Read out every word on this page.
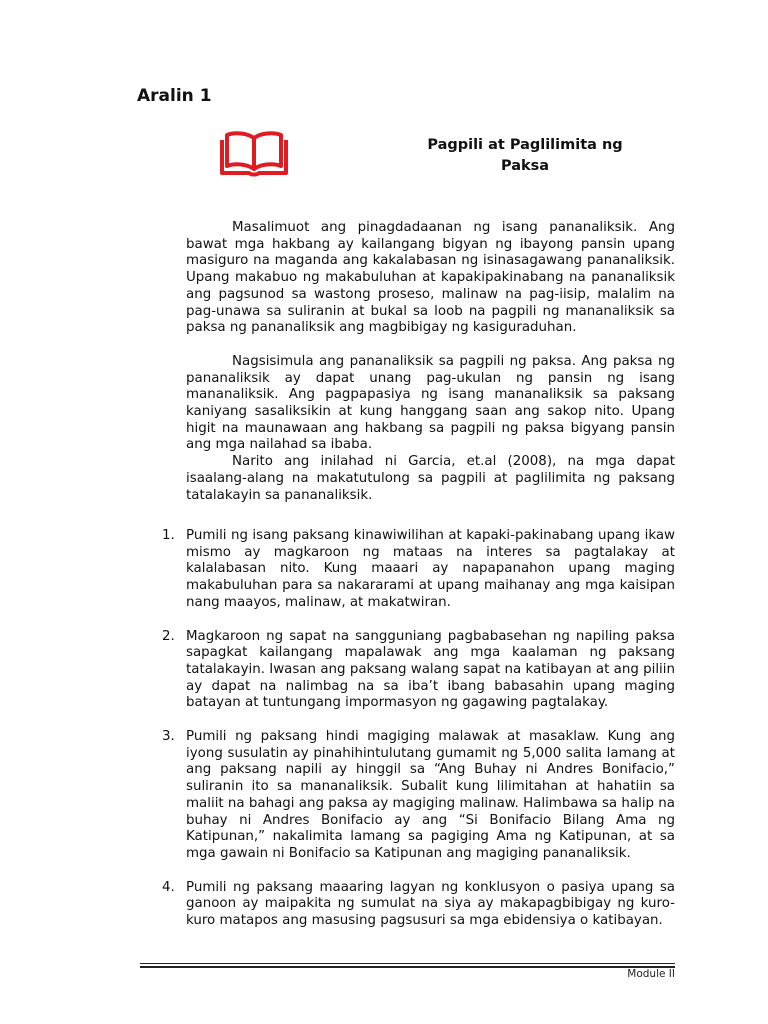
Aralin 1
Pagpili at Paglilimita ng
Paksa

Masalimuot ang pinagdadaanan ng isang pananaliksik. Ang bawat mga hakbang ay kailangang bigyan ng ibayong pansin upang masiguro na maganda ang kakalabasan ng isinasagawang pananaliksik. Upang makabuo ng makabuluhan at kapakipakinabang na pananaliksik ang pagsunod sa wastong proseso, malinaw na pag-iisip, malalim na pag-unawa sa suliranin at bukal sa loob na pagpili ng mananaliksik sa paksa ng pananaliksik ang magbibigay ng kasiguraduhan.

Nagsisimula ang pananaliksik sa pagpili ng paksa. Ang paksa ng pananaliksik ay dapat unang pag-ukulan ng pansin ng isang mananaliksik. Ang pagpapasiya ng isang mananaliksik sa paksang kaniyang sasaliksikin at kung hanggang saan ang sakop nito. Upang higit na maunawaan ang hakbang sa pagpili ng paksa bigyang pansin ang mga nailahad sa ibaba.

Narito ang inilahad ni Garcia, et.al (2008), na mga dapat isaalang-alang na makatutulong sa pagpili at paglilimita ng paksang tatalakayin sa pananaliksik.

1. Pumili ng isang paksang kinawiwilihan at kapaki-pakinabang upang ikaw mismo ay magkaroon ng mataas na interes sa pagtalakay at kalalabasan nito. Kung maaari ay napapanahon upang maging makabuluhan para sa nakararami at upang maihanay ang mga kaisipan nang maayos, malinaw, at makatwiran.
2. Magkaroon ng sapat na sangguniang pagbabasehan ng napiling paksa sapagkat kailangang mapalawak ang mga kaalaman ng paksang tatalakayin. Iwasan ang paksang walang sapat na katibayan at ang piliin ay dapat na nalimbag na sa iba’t ibang babasahin upang maging batayan at tuntungang impormasyon ng gagawing pagtalakay.
3. Pumili ng paksang hindi magiging malawak at masaklaw. Kung ang iyong susulatin ay pinahihintulutang gumamit ng 5,000 salita lamang at ang paksang napili ay hinggil sa “Ang Buhay ni Andres Bonifacio,” suliranin ito sa mananaliksik. Subalit kung lilimitahan at hahatiin sa maliit na bahagi ang paksa ay magiging malinaw. Halimbawa sa halip na buhay ni Andres Bonifacio ay ang “Si Bonifacio Bilang Ama ng Katipunan,” nakalimita lamang sa pagiging Ama ng Katipunan, at sa mga gawain ni Bonifacio sa Katipunan ang magiging pananaliksik.
4. Pumili ng paksang maaaring lagyan ng konklusyon o pasiya upang sa ganoon ay maipakita ng sumulat na siya ay makapagbibigay ng kuro-kuro matapos ang masusing pagsusuri sa mga ebidensiya o katibayan.
Module II
